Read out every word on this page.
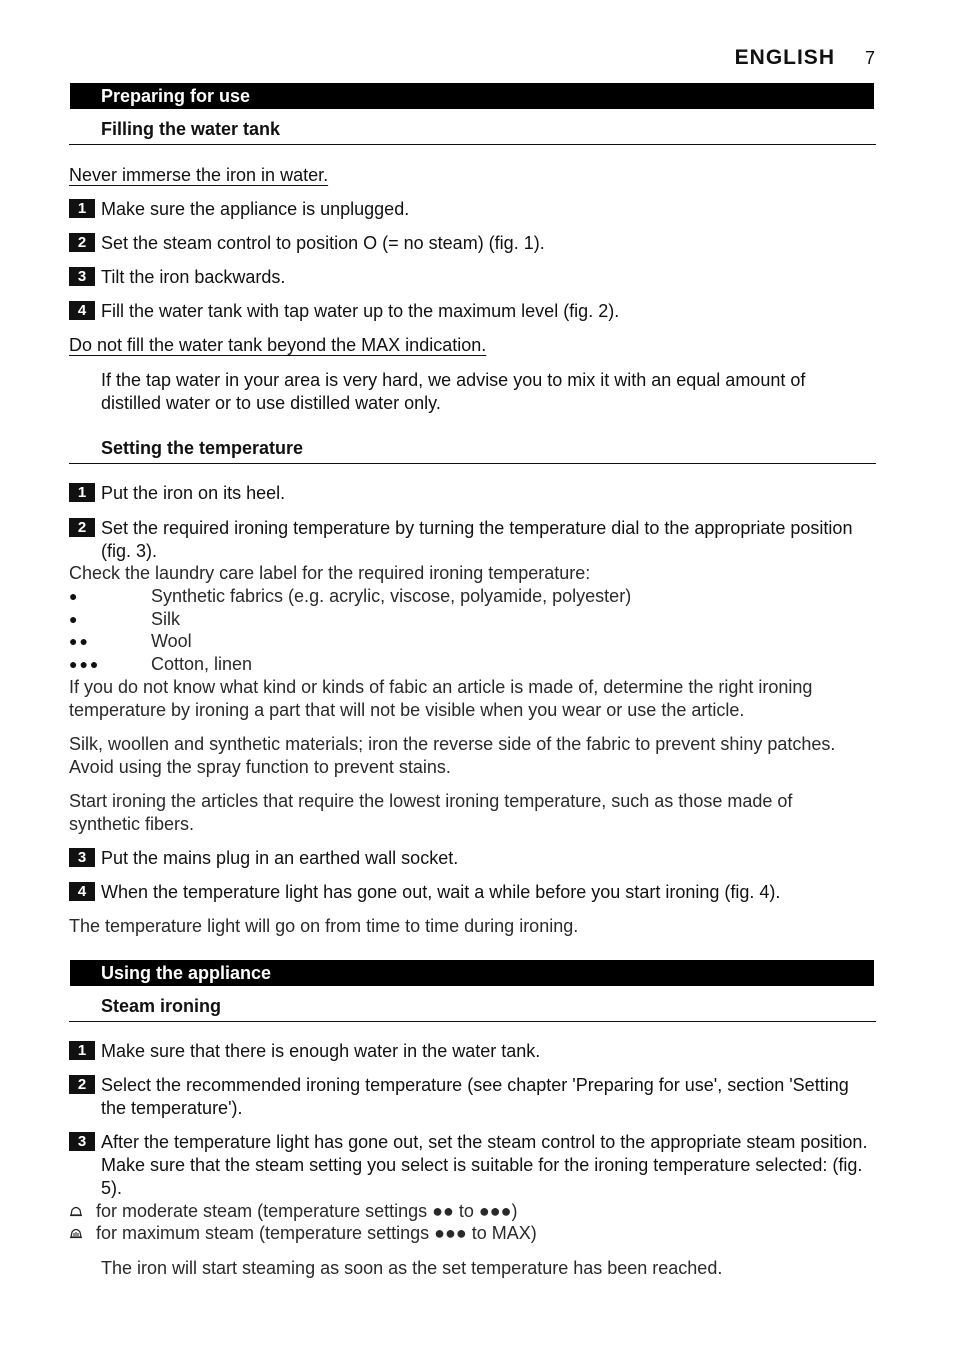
ENGLISH 7
Preparing for use
Filling the water tank
Never immerse the iron in water.
1 Make sure the appliance is unplugged.
2 Set the steam control to position O (= no steam) (fig. 1).
3 Tilt the iron backwards.
4 Fill the water tank with tap water up to the maximum level (fig. 2).
Do not fill the water tank beyond the MAX indication.
If the tap water in your area is very hard, we advise you to mix it with an equal amount of distilled water or to use distilled water only.
Setting the temperature
1 Put the iron on its heel.
2 Set the required ironing temperature by turning the temperature dial to the appropriate position (fig. 3).
Check the laundry care label for the required ironing temperature:
●	Synthetic fabrics (e.g. acrylic, viscose, polyamide, polyester)
●	Silk
●●	Wool
●●●	Cotton, linen
If you do not know what kind or kinds of fabic an article is made of, determine the right ironing temperature by ironing a part that will not be visible when you wear or use the article.
Silk, woollen and synthetic materials; iron the reverse side of the fabric to prevent shiny patches. Avoid using the spray function to prevent stains.
Start ironing the articles that require the lowest ironing temperature, such as those made of synthetic fibers.
3 Put the mains plug in an earthed wall socket.
4 When the temperature light has gone out, wait a while before you start ironing (fig. 4).
The temperature light will go on from time to time during ironing.
Using the appliance
Steam ironing
1 Make sure that there is enough water in the water tank.
2 Select the recommended ironing temperature (see chapter 'Preparing for use', section 'Setting the temperature').
3 After the temperature light has gone out, set the steam control to the appropriate steam position. Make sure that the steam setting you select is suitable for the ironing temperature selected: (fig. 5).
for moderate steam (temperature settings ●● to ●●●)
for maximum steam (temperature settings ●●● to MAX)
The iron will start steaming as soon as the set temperature has been reached.
